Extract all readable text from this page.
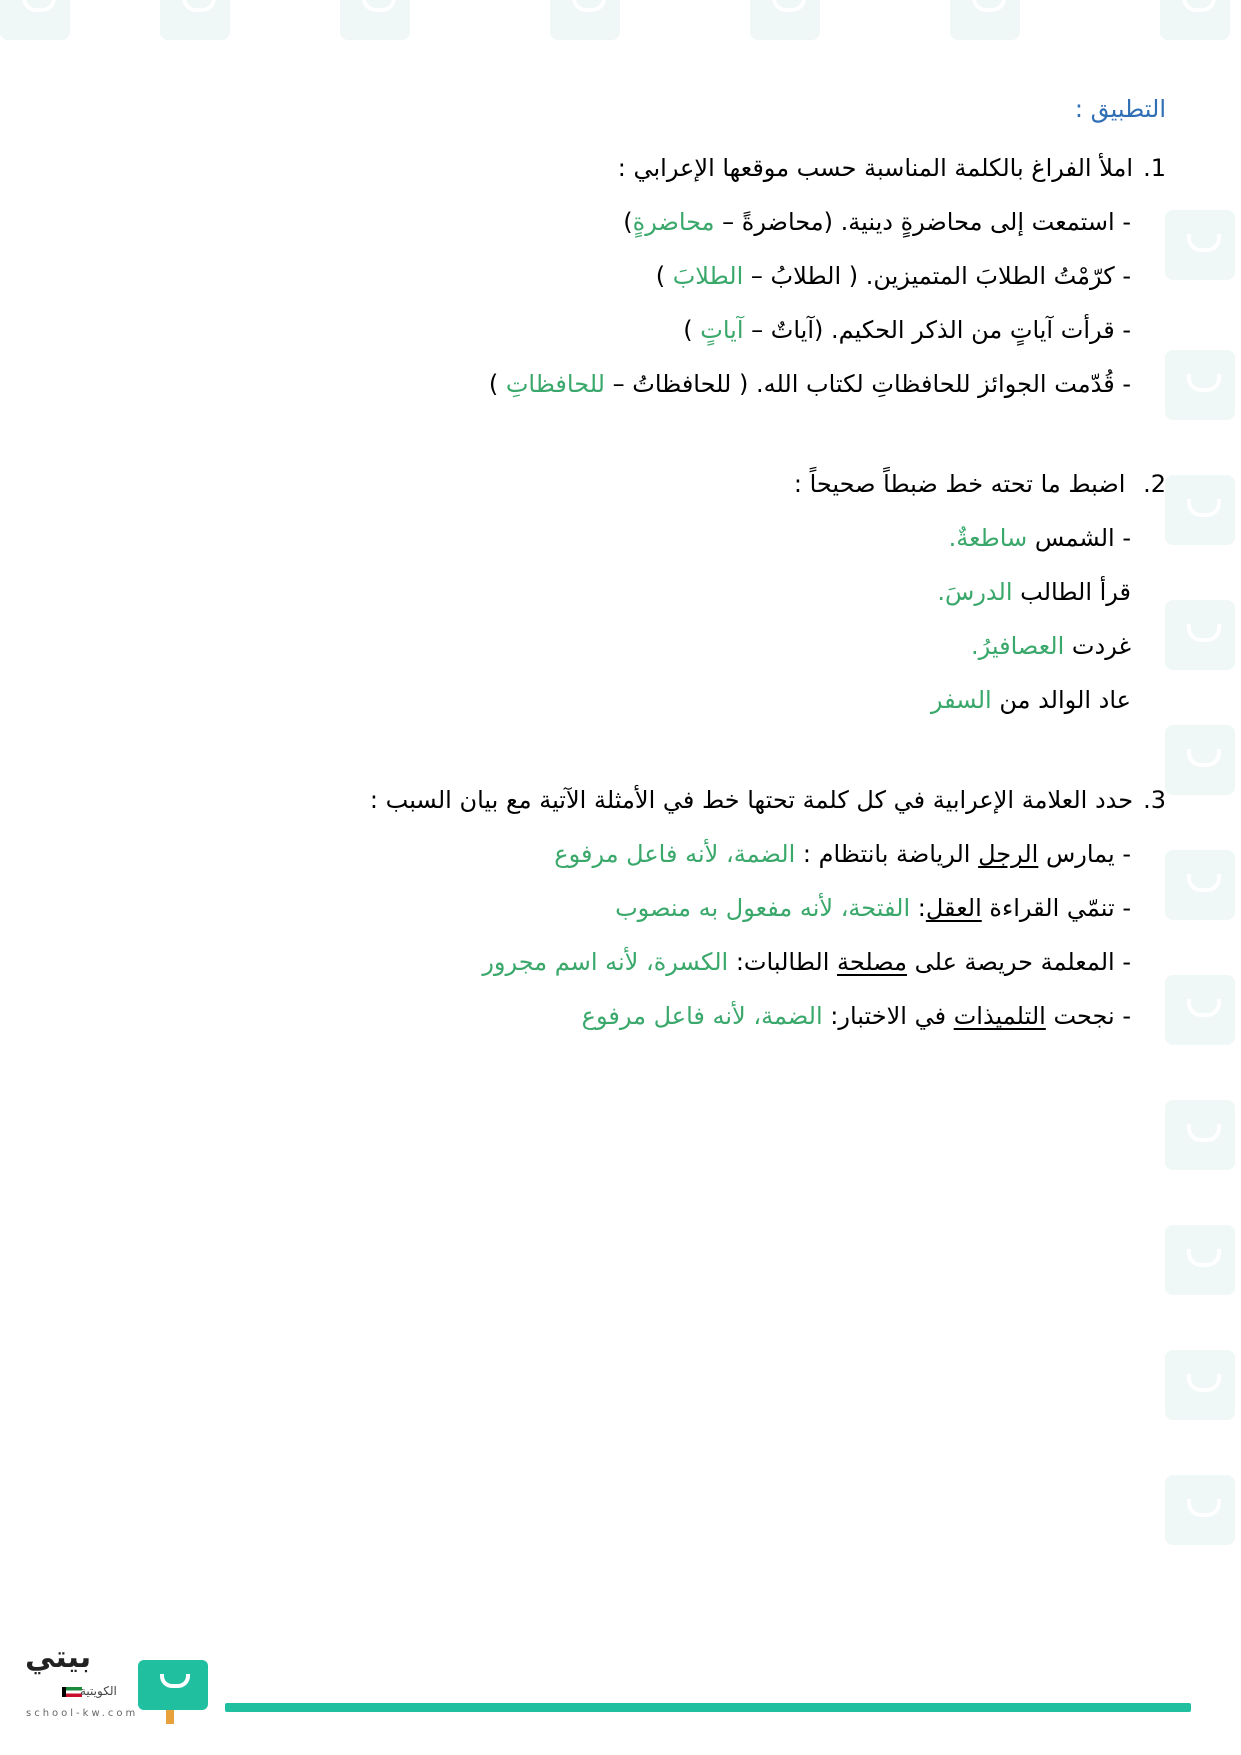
التطبيق :
1.املأ الفراغ بالكلمة المناسبة حسب موقعها الإعرابي :
- استمعت إلى محاضرةٍ دينية. (محاضرةً – محاضرةٍ)
- كرّمْتُ الطلابَ المتميزين. ( الطلابُ – الطلابَ )
- قرأت آياتٍ من الذكر الحكيم. (آياتٌ – آياتٍ )
- قُدّمت الجوائز للحافظاتِ لكتاب الله. ( للحافظاتُ – للحافظاتِ )
2. اضبط ما تحته خط ضبطاً صحيحاً :
- الشمس ساطعةٌ.
قرأ الطالب الدرسَ.
غردت العصافيرُ.
عاد الوالد من السفر
3.حدد العلامة الإعرابية في كل كلمة تحتها خط في الأمثلة الآتية مع بيان السبب :
- يمارس الرجل الرياضة بانتظام : الضمة، لأنه فاعل مرفوع
- تنمّي القراءة العقل: الفتحة، لأنه مفعول به منصوب
- المعلمة حريصة على مصلحة الطالبات: الكسرة، لأنه اسم مجرور
- نجحت التلميذات في الاختبار: الضمة، لأنه فاعل مرفوع
بيتي
الكويتية
school-kw.com
